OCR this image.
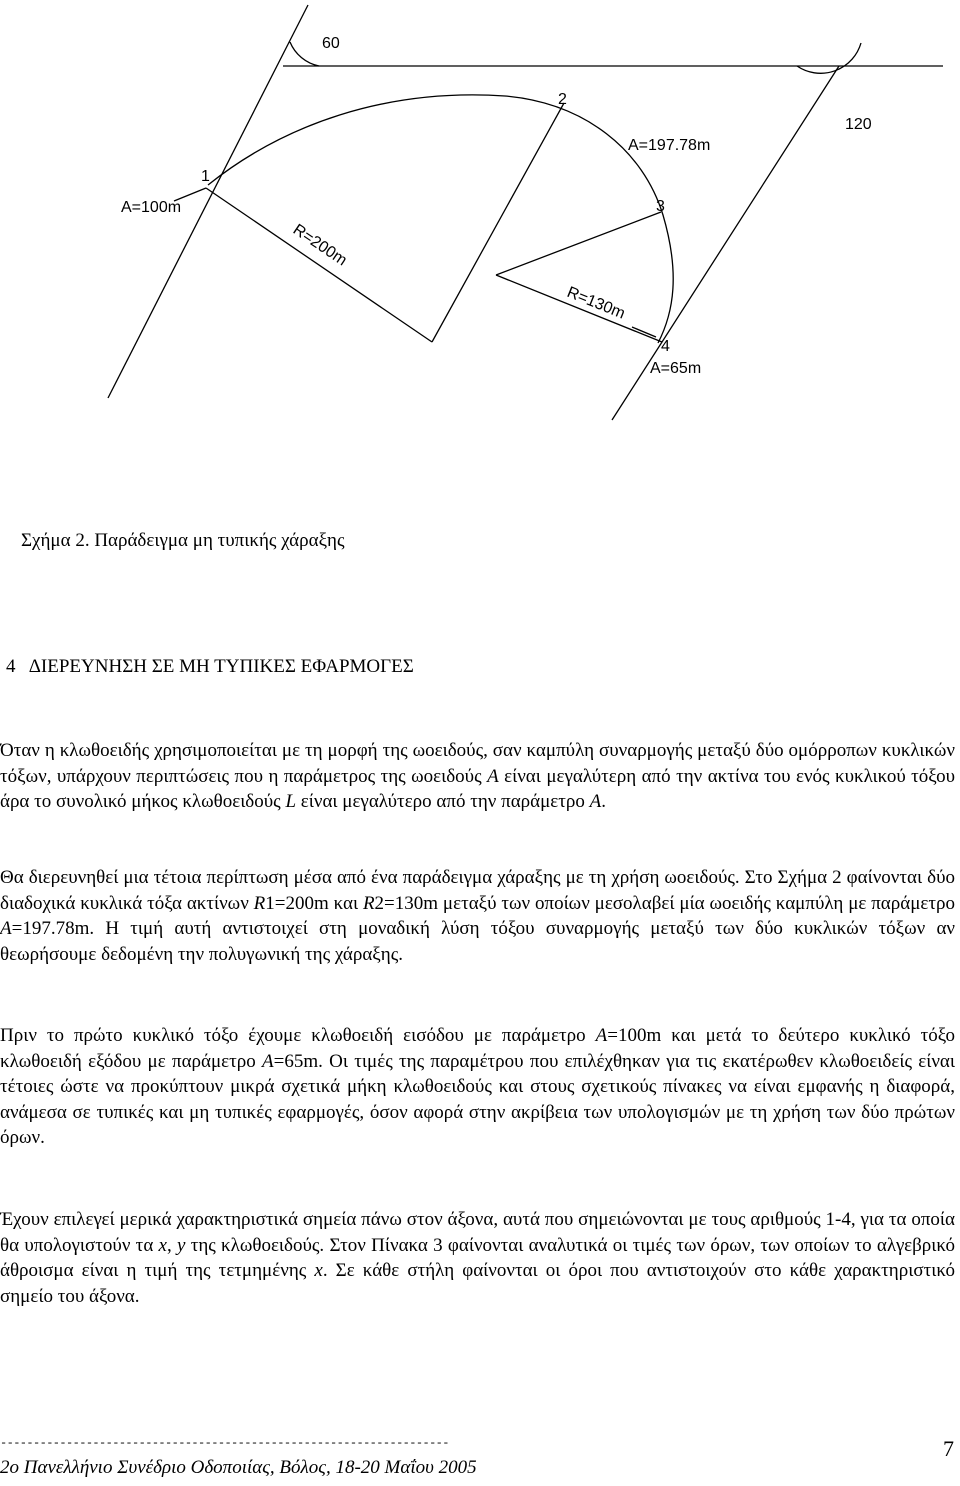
60
120
1
2
3
4
A=100m
A=197.78m
A=65m
R=200m
R=130m
Σχήμα 2. Παράδειγμα μη τυπικής χάραξης
4 ΔΙΕΡΕΥΝΗΣΗ ΣΕ ΜΗ ΤΥΠΙΚΕΣ ΕΦΑΡΜΟΓΕΣ

Όταν η κλωθοειδής χρησιμοποιείται με τη μορφή της ωοειδούς, σαν καμπύλη συναρμογής μεταξύ δύο ομόρροπων κυκλικών τόξων, υπάρχουν περιπτώσεις που η παράμετρος της ωοειδούς A είναι μεγαλύτερη από την ακτίνα του ενός κυκλικού τόξου άρα το συνολικό μήκος κλωθοειδούς L είναι μεγαλύτερο από την παράμετρο A.

Θα διερευνηθεί μια τέτοια περίπτωση μέσα από ένα παράδειγμα χάραξης με τη χρήση ωοειδούς. Στο Σχήμα 2 φαίνονται δύο διαδοχικά κυκλικά τόξα ακτίνων R1=200m και R2=130m μεταξύ των οποίων μεσολαβεί μία ωοειδής καμπύλη με παράμετρο A=197.78m. Η τιμή αυτή αντιστοιχεί στη μοναδική λύση τόξου συναρμογής μεταξύ των δύο κυκλικών τόξων αν θεωρήσουμε δεδομένη την πολυγωνική της χάραξης.

Πριν το πρώτο κυκλικό τόξο έχουμε κλωθοειδή εισόδου με παράμετρο A=100m και μετά το δεύτερο κυκλικό τόξο κλωθοειδή εξόδου με παράμετρο A=65m. Οι τιμές της παραμέτρου που επιλέχθηκαν για τις εκατέρωθεν κλωθοειδείς είναι τέτοιες ώστε να προκύπτουν μικρά σχετικά μήκη κλωθοειδούς και στους σχετικούς πίνακες να είναι εμφανής η διαφορά, ανάμεσα σε τυπικές και μη τυπικές εφαρμογές, όσον αφορά στην ακρίβεια των υπολογισμών με τη χρήση των δύο πρώτων όρων.

Έχουν επιλεγεί μερικά χαρακτηριστικά σημεία πάνω στον άξονα, αυτά που σημειώνονται με τους αριθμούς 1-4, για τα οποία θα υπολογιστούν τα x, y της κλωθοειδούς. Στον Πίνακα 3 φαίνονται αναλυτικά οι τιμές των όρων, των οποίων το αλγεβρικό άθροισμα είναι η τιμή της τετμημένης x. Σε κάθε στήλη φαίνονται οι όροι που αντιστοιχούν στο κάθε χαρακτηριστικό σημείο του άξονα.

--------------------------------------------------------------------
2ο Πανελλήνιο Συνέδριο Οδοποιίας, Βόλος, 18-20 Μαΐου 2005
7
